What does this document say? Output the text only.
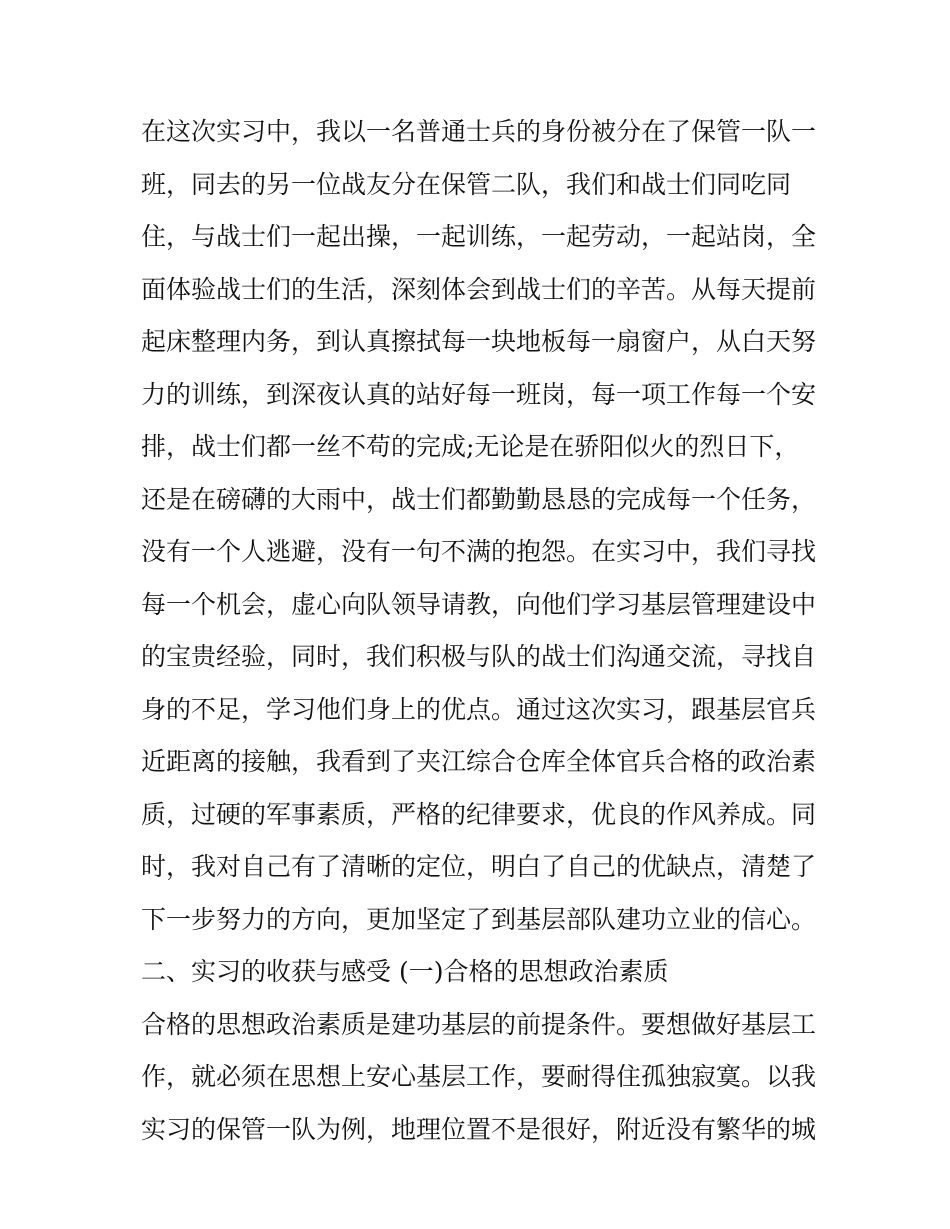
在这次实习中，我以一名普通士兵的身份被分在了保管一队一
班，同去的另一位战友分在保管二队，我们和战士们同吃同
住，与战士们一起出操，一起训练，一起劳动，一起站岗，全
面体验战士们的生活，深刻体会到战士们的辛苦。从每天提前
起床整理内务，到认真擦拭每一块地板每一扇窗户，从白天努
力的训练，到深夜认真的站好每一班岗，每一项工作每一个安
排，战士们都一丝不苟的完成;无论是在骄阳似火的烈日下，
还是在磅礴的大雨中，战士们都勤勤恳恳的完成每一个任务，
没有一个人逃避，没有一句不满的抱怨。在实习中，我们寻找
每一个机会，虚心向队领导请教，向他们学习基层管理建设中
的宝贵经验，同时，我们积极与队的战士们沟通交流，寻找自
身的不足，学习他们身上的优点。通过这次实习，跟基层官兵
近距离的接触，我看到了夹江综合仓库全体官兵合格的政治素
质，过硬的军事素质，严格的纪律要求，优良的作风养成。同
时，我对自己有了清晰的定位，明白了自己的优缺点，清楚了
下一步努力的方向，更加坚定了到基层部队建功立业的信心。
二、实习的收获与感受 (一)合格的思想政治素质
合格的思想政治素质是建功基层的前提条件。要想做好基层工
作，就必须在思想上安心基层工作，要耐得住孤独寂寞。以我
实习的保管一队为例，地理位置不是很好，附近没有繁华的城
